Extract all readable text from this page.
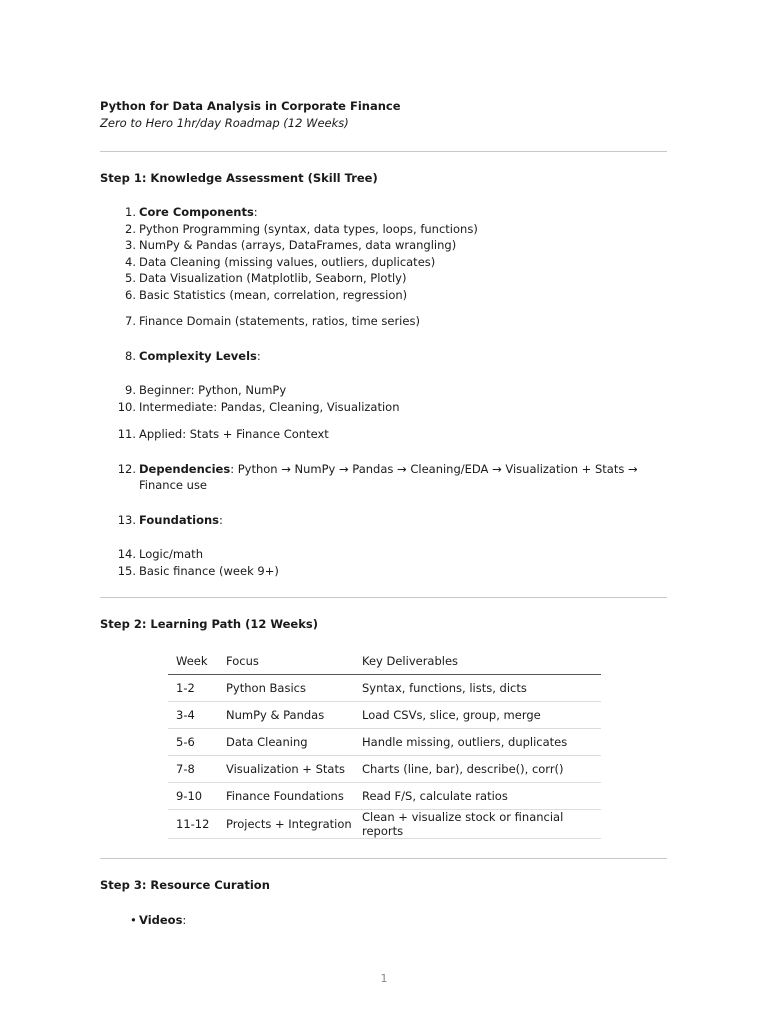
Python for Data Analysis in Corporate Finance
Zero to Hero 1hr/day Roadmap (12 Weeks)
Step 1: Knowledge Assessment (Skill Tree)
1. Core Components:
2. Python Programming (syntax, data types, loops, functions)
3. NumPy & Pandas (arrays, DataFrames, data wrangling)
4. Data Cleaning (missing values, outliers, duplicates)
5. Data Visualization (Matplotlib, Seaborn, Plotly)
6. Basic Statistics (mean, correlation, regression)
7. Finance Domain (statements, ratios, time series)
8. Complexity Levels:
9. Beginner: Python, NumPy
10. Intermediate: Pandas, Cleaning, Visualization
11. Applied: Stats + Finance Context
12. Dependencies: Python → NumPy → Pandas → Cleaning/EDA → Visualization + Stats → Finance use
13. Foundations:
14. Logic/math
15. Basic finance (week 9+)
Step 2: Learning Path (12 Weeks)
Week	Focus	Key Deliverables
1-2	Python Basics	Syntax, functions, lists, dicts
3-4	NumPy & Pandas	Load CSVs, slice, group, merge
5-6	Data Cleaning	Handle missing, outliers, duplicates
7-8	Visualization + Stats	Charts (line, bar), describe(), corr()
9-10	Finance Foundations	Read F/S, calculate ratios
11-12	Projects + Integration	Clean + visualize stock or financial reports
Step 3: Resource Curation
• Videos:
1
